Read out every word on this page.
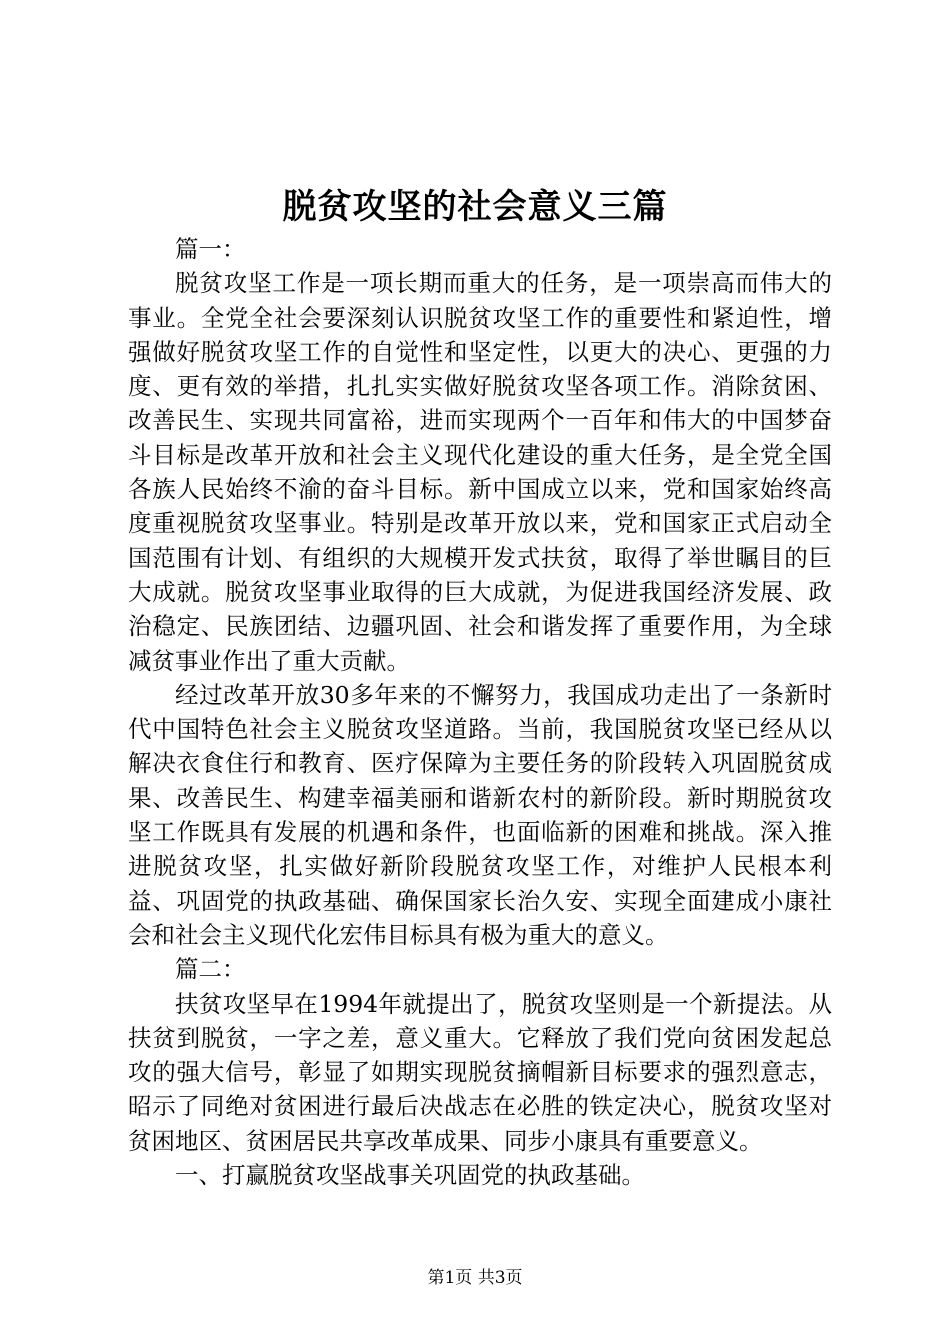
脱贫攻坚的社会意义三篇

篇一：

脱贫攻坚工作是一项长期而重大的任务，是一项崇高而伟大的事业。全党全社会要深刻认识脱贫攻坚工作的重要性和紧迫性，增强做好脱贫攻坚工作的自觉性和坚定性，以更大的决心、更强的力度、更有效的举措，扎扎实实做好脱贫攻坚各项工作。消除贫困、改善民生、实现共同富裕，进而实现两个一百年和伟大的中国梦奋斗目标是改革开放和社会主义现代化建设的重大任务，是全党全国各族人民始终不渝的奋斗目标。新中国成立以来，党和国家始终高度重视脱贫攻坚事业。特别是改革开放以来，党和国家正式启动全国范围有计划、有组织的大规模开发式扶贫，取得了举世瞩目的巨大成就。脱贫攻坚事业取得的巨大成就，为促进我国经济发展、政治稳定、民族团结、边疆巩固、社会和谐发挥了重要作用，为全球减贫事业作出了重大贡献。

经过改革开放30多年来的不懈努力，我国成功走出了一条新时代中国特色社会主义脱贫攻坚道路。当前，我国脱贫攻坚已经从以解决衣食住行和教育、医疗保障为主要任务的阶段转入巩固脱贫成果、改善民生、构建幸福美丽和谐新农村的新阶段。新时期脱贫攻坚工作既具有发展的机遇和条件，也面临新的困难和挑战。深入推进脱贫攻坚，扎实做好新阶段脱贫攻坚工作，对维护人民根本利益、巩固党的执政基础、确保国家长治久安、实现全面建成小康社会和社会主义现代化宏伟目标具有极为重大的意义。

篇二：

扶贫攻坚早在1994年就提出了，脱贫攻坚则是一个新提法。从扶贫到脱贫，一字之差，意义重大。它释放了我们党向贫困发起总攻的强大信号，彰显了如期实现脱贫摘帽新目标要求的强烈意志，昭示了同绝对贫困进行最后决战志在必胜的铁定决心，脱贫攻坚对贫困地区、贫困居民共享改革成果、同步小康具有重要意义。

一、打赢脱贫攻坚战事关巩固党的执政基础。

第1页 共3页
